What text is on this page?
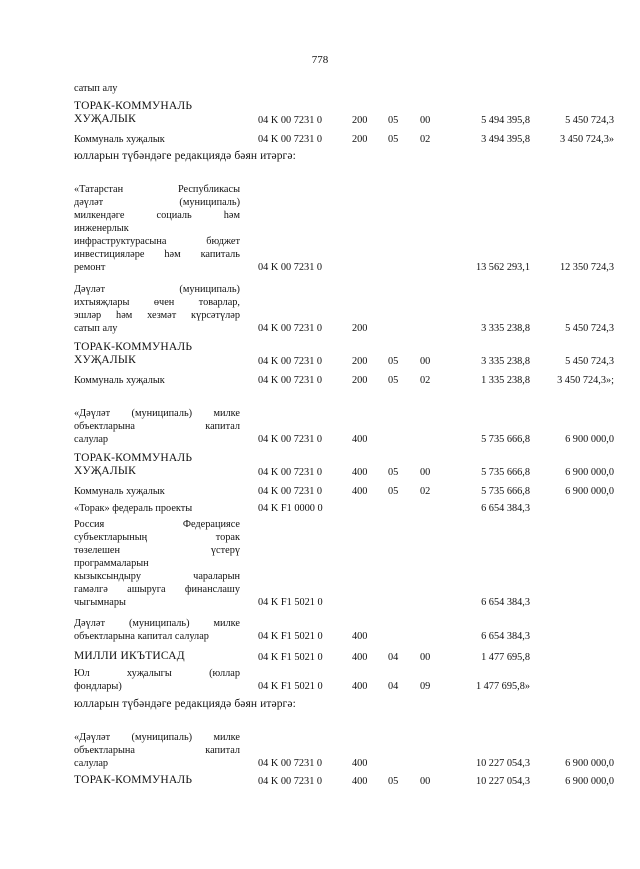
778
сатып алу
ТОРАК-КОММУНАЛЬ
ХУҖАЛЫК	04 K 00 7231 0	200 05 00	5 494 395,8	5 450 724,3
Коммуналь хуҗалык	04 K 00 7231 0	200 05 02	3 494 395,8	3 450 724,3»
юлларын түбәндәге редакциядә бәян итәргә:
«Татарстан Республикасы
дәүләт (муниципаль)
милкендәге социаль һәм
инженерлык
инфраструктурасына бюджет
инвестицияләре һәм капиталь
ремонт	04 K 00 7231 0	13 562 293,1	12 350 724,3
Дәүләт (муниципаль)
ихтыяҗлары өчен товарлар,
эшләр һәм хезмәт күрсәтүләр
сатып алу	04 K 00 7231 0	200	3 335 238,8	5 450 724,3
ТОРАК-КОММУНАЛЬ
ХУҖАЛЫК	04 K 00 7231 0	200 05 00	3 335 238,8	5 450 724,3
Коммуналь хуҗалык	04 K 00 7231 0	200 05 02	1 335 238,8	3 450 724,3»;
«Дәүләт (муниципаль) милке
объектларына капитал
салулар	04 K 00 7231 0	400	5 735 666,8	6 900 000,0
ТОРАК-КОММУНАЛЬ
ХУҖАЛЫК	04 K 00 7231 0	400 05 00	5 735 666,8	6 900 000,0
Коммуналь хуҗалык	04 K 00 7231 0	400 05 02	5 735 666,8	6 900 000,0
«Торак» федераль проекты	04 K F1 0000 0	6 654 384,3
Россия Федерациясе
субъектларының торак
төзелешен үстерү
программаларын
кызыксындыру чараларын
гамәлгә ашыруга финанслашу
чыгымнары	04 K F1 5021 0	6 654 384,3
Дәүләт (муниципаль) милке
объектларына капитал салулар	04 K F1 5021 0	400	6 654 384,3
МИЛЛИ ИКЪТИСАД	04 K F1 5021 0	400 04 00	1 477 695,8
Юл хуҗалыгы (юллар
фондлары)	04 K F1 5021 0	400 04 09	1 477 695,8»
юлларын түбәндәге редакциядә бәян итәргә:
«Дәүләт (муниципаль) милке
объектларына капитал
салулар	04 K 00 7231 0	400	10 227 054,3	6 900 000,0
ТОРАК-КОММУНАЛЬ	04 K 00 7231 0	400 05 00	10 227 054,3	6 900 000,0
